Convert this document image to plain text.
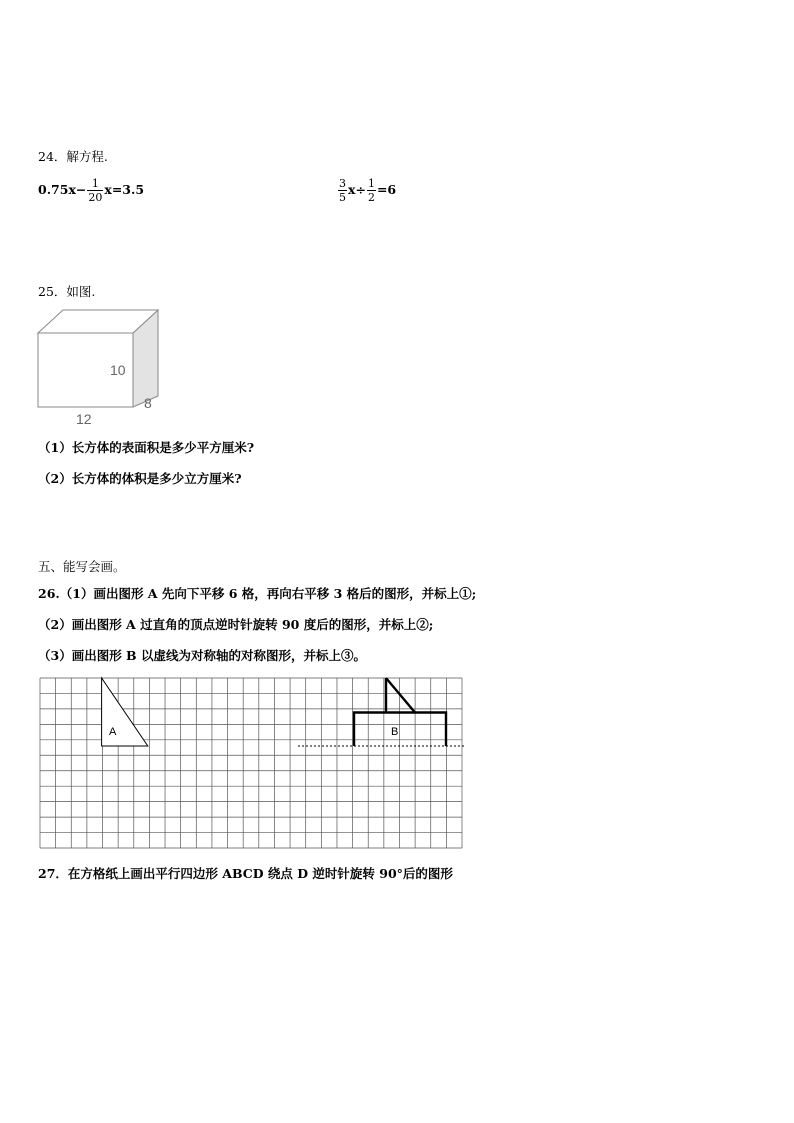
24．解方程.
$0.75x- \frac{1}{20} x=3.5$	$\frac{3}{5} x\div \frac{1}{2} =6$
25．如图.
10
12
8
（1）长方体的表面积是多少平方厘米?
（2）长方体的体积是多少立方厘米?
五、能写会画。
26.（1）画出图形 A 先向下平移 6 格，再向右平移 3 格后的图形，并标上①;
（2）画出图形 A 过直角的顶点逆时针旋转 90 度后的图形，并标上②;
（3）画出图形 B 以虚线为对称轴的对称图形，并标上③。
A	B
27．在方格纸上画出平行四边形 ABCD 绕点 D 逆时针旋转 90°后的图形
